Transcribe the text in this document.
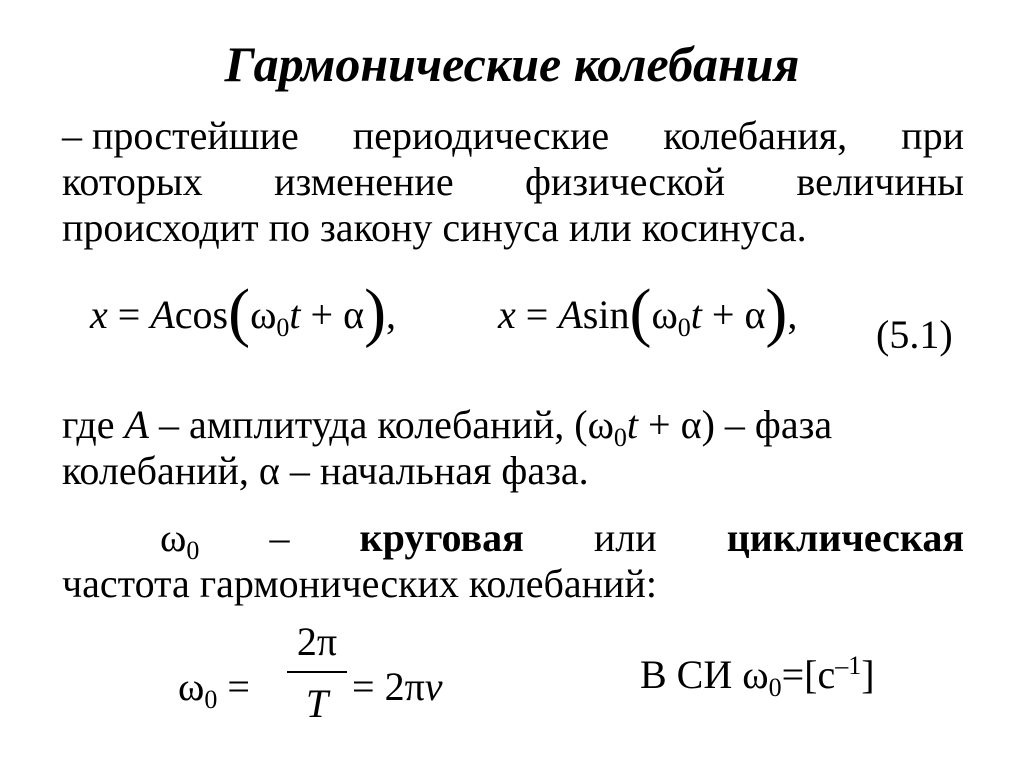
Гармонические колебания
– простейшие периодические колебания, при
которых изменение физической величины
происходит по закону синуса или косинуса.
$x = Acos(\omega_0t + \alpha)$,	$x = Asin(\omega_0t + \alpha)$, (5.1)
где A – амплитуда колебаний, $(\omega_0t + \alpha)$ – фаза
колебаний, α – начальная фаза.
$\omega_0$ – круговая или циклическая
частота гармонических колебаний:
$\omega_0$ =
2π
T = 2πν	В СИ $\omega_0=[с^{-1}]$
